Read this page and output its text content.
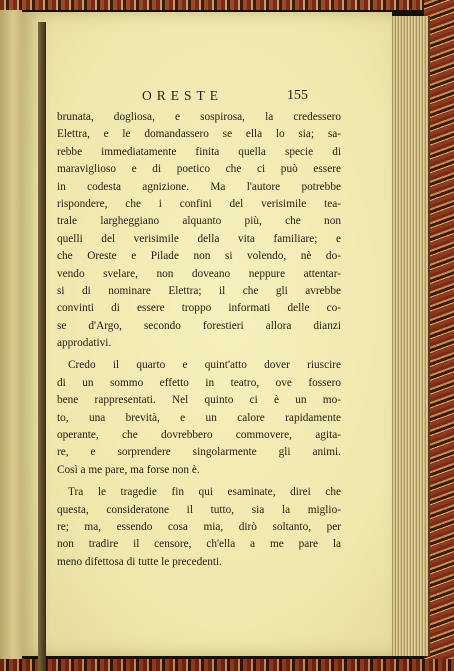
ORESTE	155
brunata, dogliosa, e sospirosa, la credessero
Elettra, e le domandassero se ella lo sia; sa-
rebbe immediatamente finita quella specie di
maraviglioso e di poetico che ci può essere
in codesta agnizione. Ma l'autore potrebbe
rispondere, che i confini del verisimile tea-
trale largheggiano alquanto più, che non
quelli del verisimile della vita familiare; e
che Oreste e Pilade non si volendo, nè do-
vendo svelare, non doveano neppure attentar-
si di nominare Elettra; il che gli avrebbe
convinti di essere troppo informati delle co-
se d'Argo, secondo forestieri allora dianzi
approdativi.
Credo il quarto e quint'atto dover riuscire
di un sommo effetto in teatro, ove fossero
bene rappresentati. Nel quinto ci è un mo-
to, una brevità, e un calore rapidamente
operante, che dovrebbero commovere, agita-
re, e sorprendere singolarmente gli animi.
Così a me pare, ma forse non è.
Tra le tragedie fin qui esaminate, direi che
questa, consideratone il tutto, sia la miglio-
re; ma, essendo cosa mia, dirò soltanto, per
non tradire il censore, ch'ella a me pare la
meno difettosa di tutte le precedenti.
